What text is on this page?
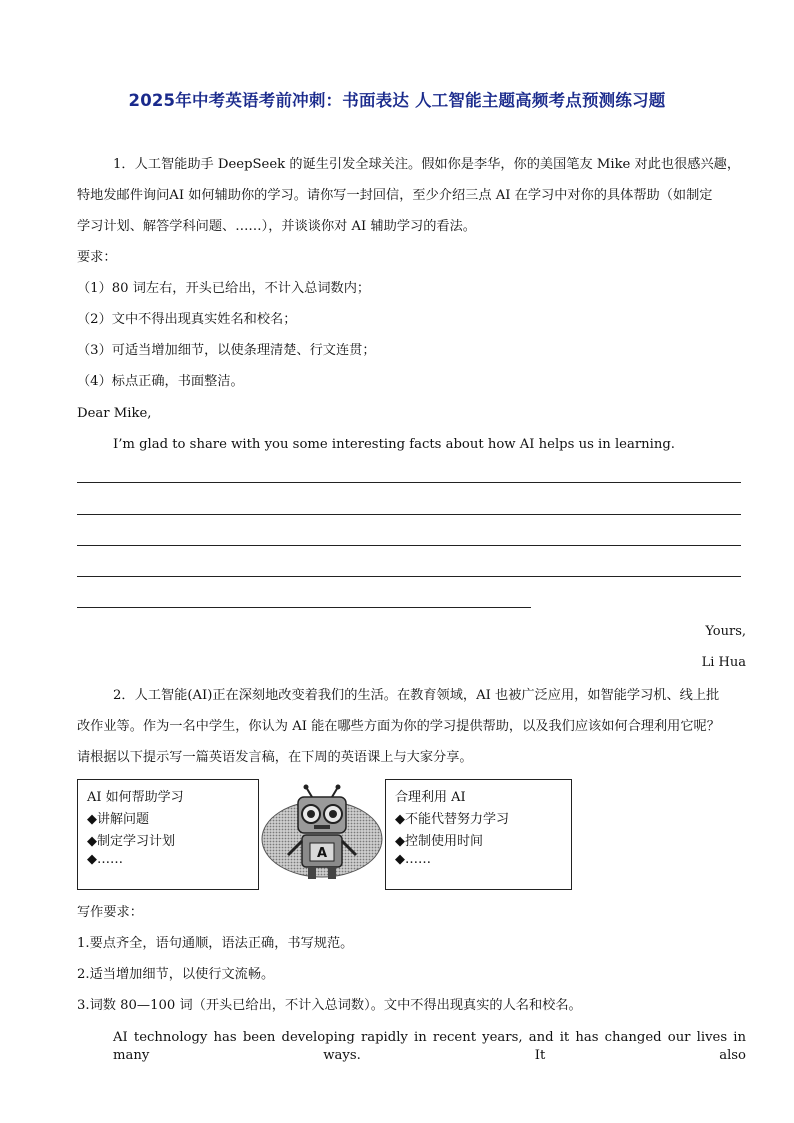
2025年中考英语考前冲刺：书面表达 人工智能主题高频考点预测练习题
1．人工智能助手 DeepSeek 的诞生引发全球关注。假如你是李华，你的美国笔友 Mike 对此也很感兴趣，
特地发邮件询问AI 如何辅助你的学习。请你写一封回信，至少介绍三点 AI 在学习中对你的具体帮助（如制定
学习计划、解答学科问题、……），并谈谈你对 AI 辅助学习的看法。
要求：
（1）80 词左右，开头已给出，不计入总词数内；
（2）文中不得出现真实姓名和校名；
（3）可适当增加细节，以使条理清楚、行文连贯；
（4）标点正确，书面整洁。
Dear Mike,
I’m glad to share with you some interesting facts about how AI helps us in learning.
Yours,
Li Hua
2．人工智能(AI)正在深刻地改变着我们的生活。在教育领域，AI 也被广泛应用，如智能学习机、线上批
改作业等。作为一名中学生，你认为 AI 能在哪些方面为你的学习提供帮助，以及我们应该如何合理利用它呢？
请根据以下提示写一篇英语发言稿，在下周的英语课上与大家分享。
AI 如何帮助学习
◆讲解问题
◆制定学习计划
◆……	A
合理利用 AI
◆不能代替努力学习
◆控制使用时间
◆……
写作要求：
1.要点齐全，语句通顺，语法正确，书写规范。
2.适当增加细节，以使行文流畅。
3.词数 80—100 词（开头已给出，不计入总词数）。文中不得出现真实的人名和校名。
AI technology has been developing rapidly in recent years, and it has changed our lives in many ways. It also
